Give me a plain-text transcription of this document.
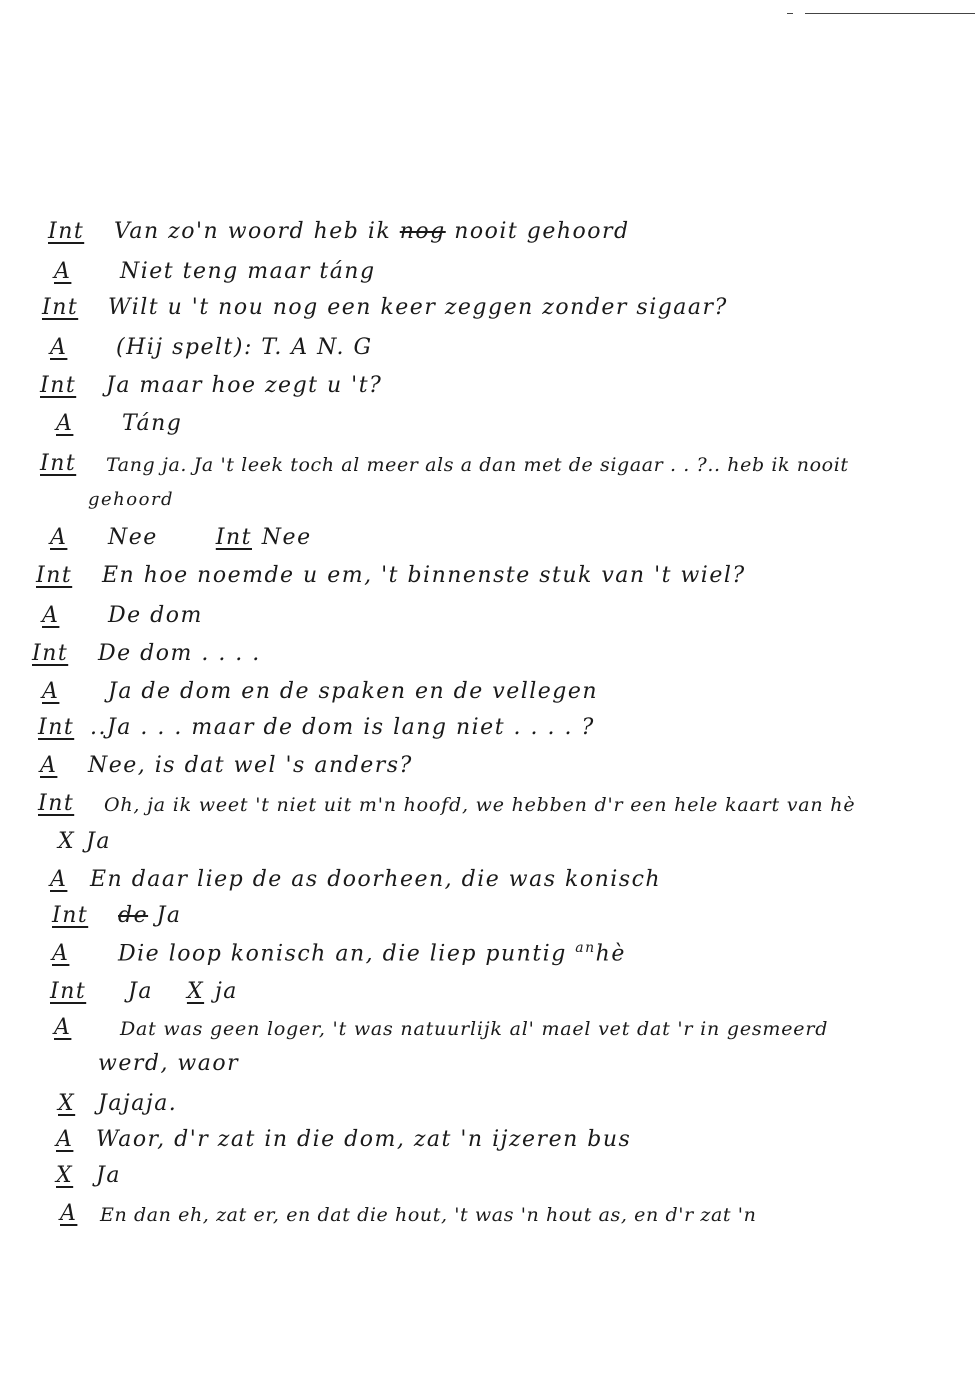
Int Van zo'n woord heb ik nog nooit gehoord
A	Niet teng maar táng
Int Wilt u 't nou nog een keer zeggen zonder sigaar?
A	(Hij spelt): T. A N. G
Int Ja maar hoe zegt u 't?
A	Táng
Int Tang ja. Ja 't leek toch al meer als a dan met de sigaar . . ?.. heb ik nooit
gehoord
A	Nee	Int Nee
Int En hoe noemde u em, 't binnenste stuk van 't wiel?
A	De dom
Int De dom . . . .
A	Ja de dom en de spaken en de vellegen
Int ..Ja . . . maar de dom is lang niet . . . . ?
A	Nee, is dat wel 's anders?
Int Oh, ja ik weet 't niet uit m'n hoofd, we hebben d'r een hele kaart van hè
X Ja
A	En daar liep de as doorheen, die was konisch
Int de Ja
A	Die loop konisch an, die liep puntig $^{an}$hè
Int Ja X ja
A	Dat was geen loger, 't was natuurlijk al' mael vet dat 'r in gesmeerd
werd, waor
X Jajaja.
A Waor, d'r zat in die dom, zat 'n ijzeren bus
X Ja
A En dan eh, zat er, en dat die hout, 't was 'n hout as, en d'r zat 'n
